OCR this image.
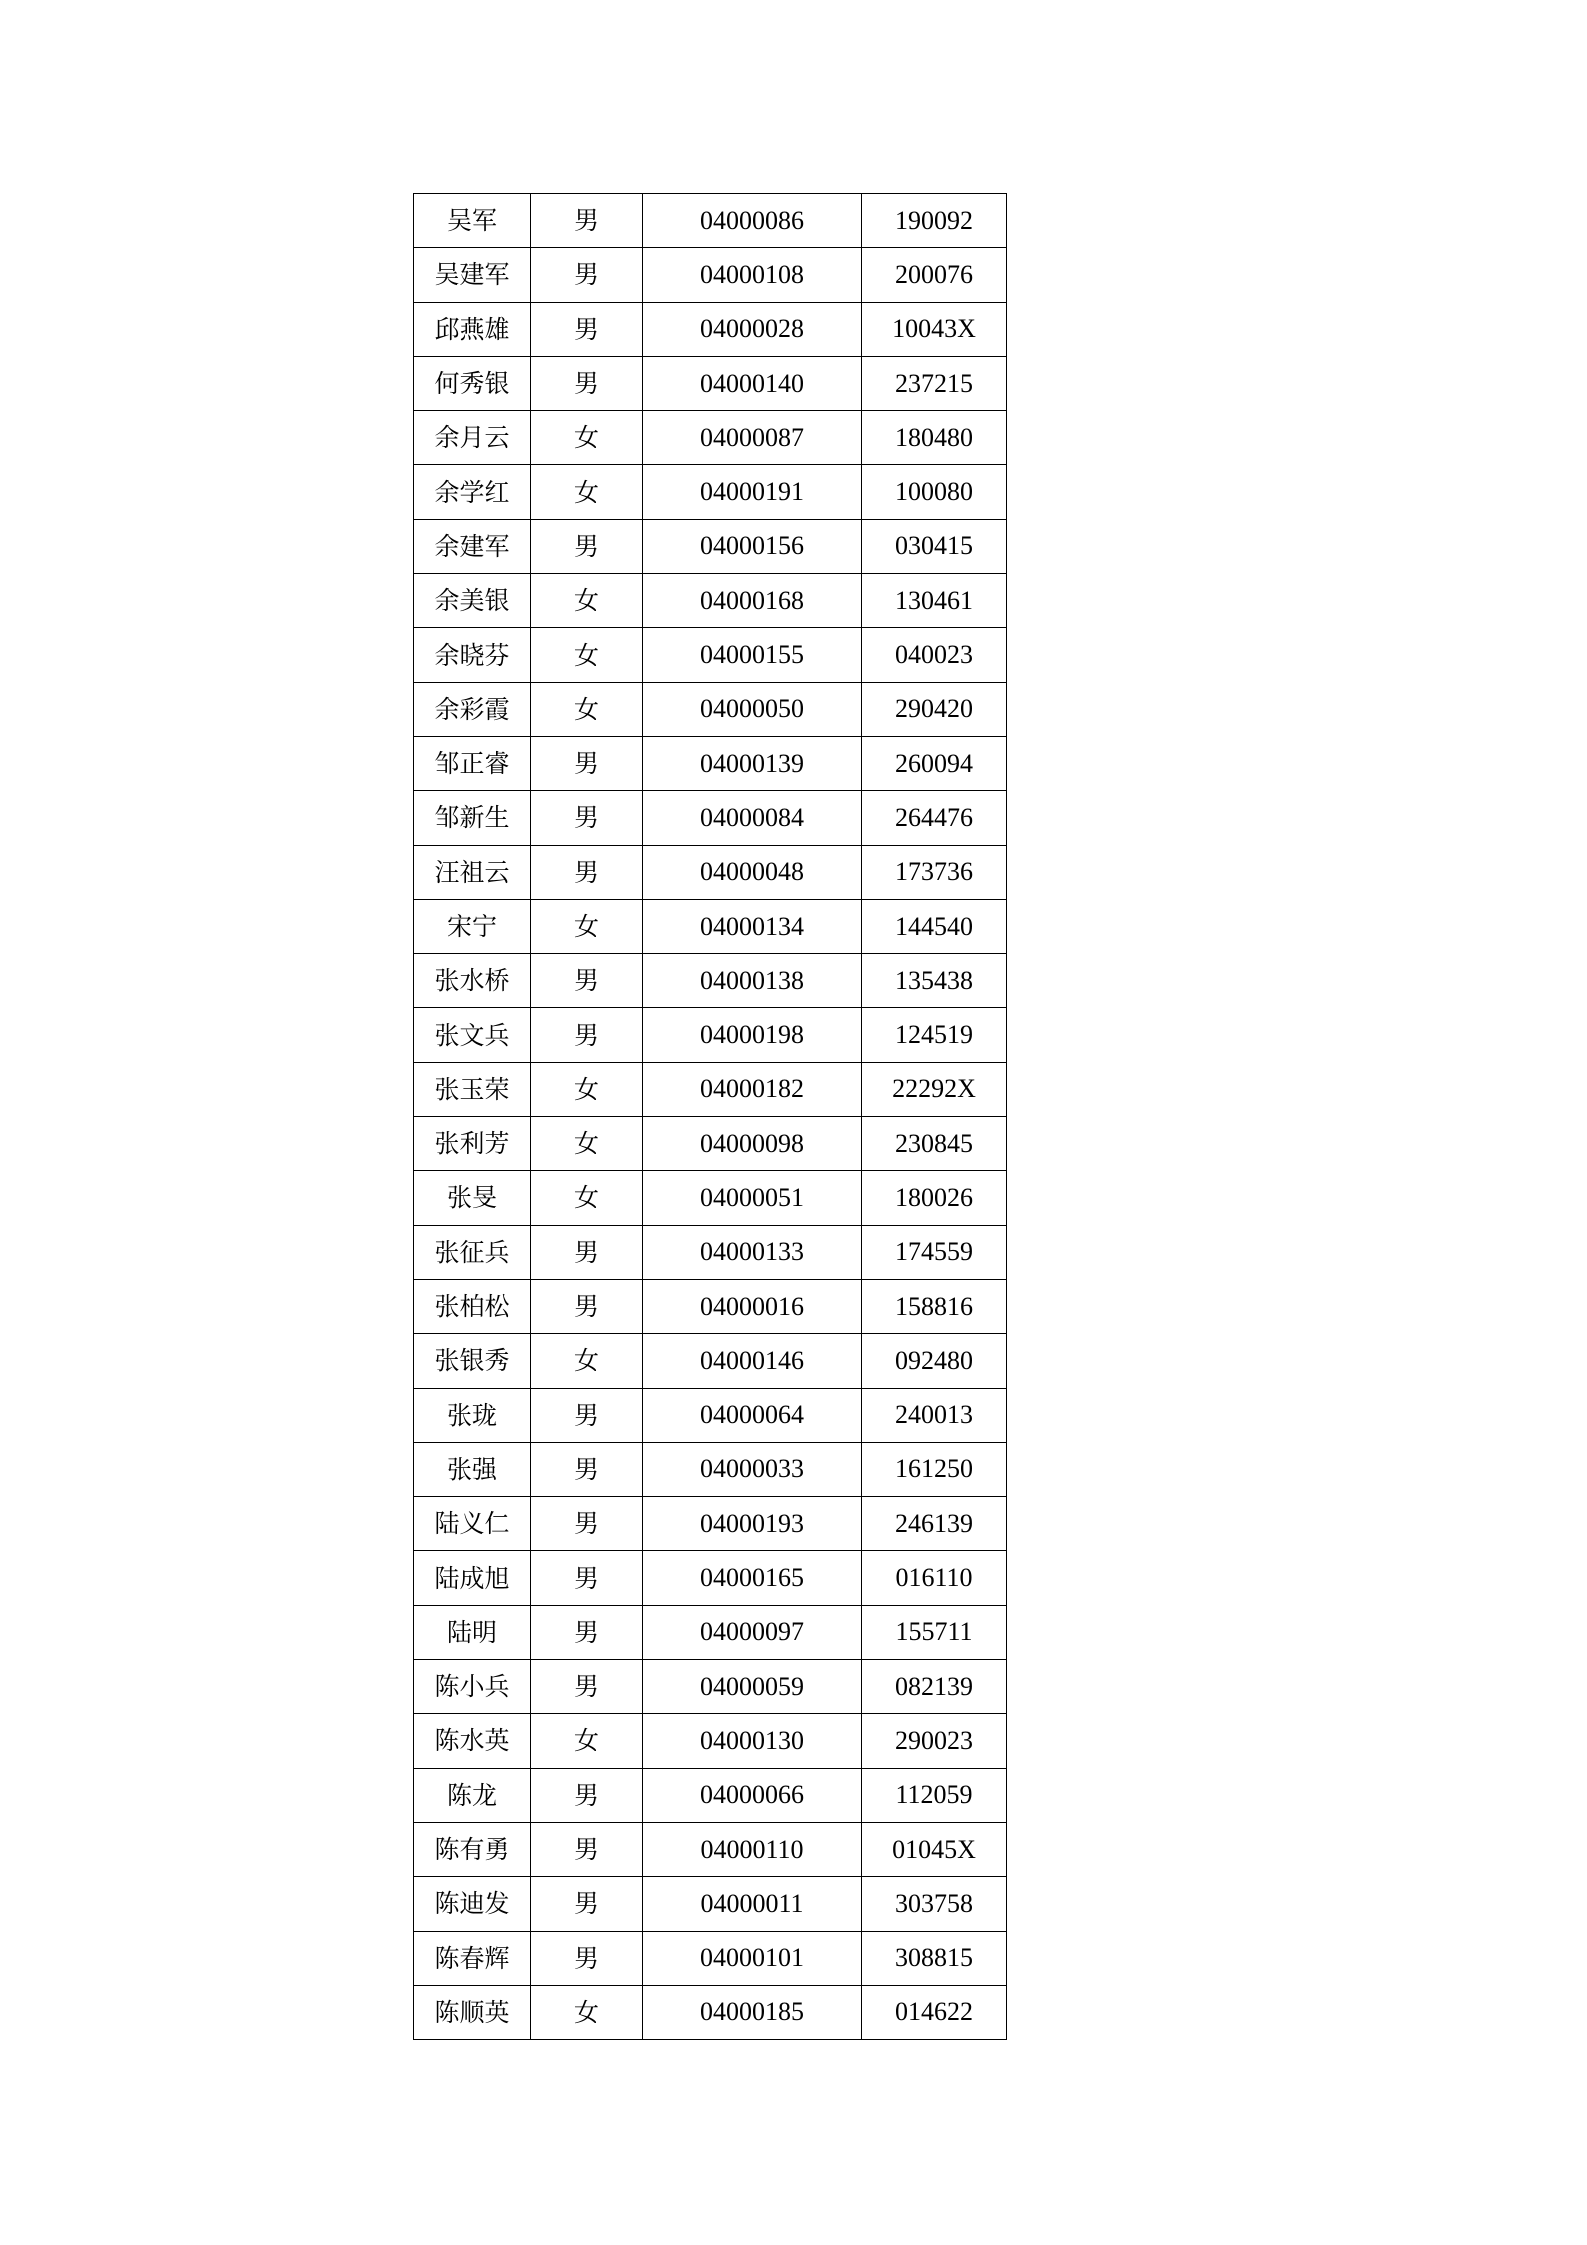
吴军	男	04000086	190092
吴建军	男	04000108	200076
邱燕雄	男	04000028	10043X
何秀银	男	04000140	237215
余月云	女	04000087	180480
余学红	女	04000191	100080
余建军	男	04000156	030415
余美银	女	04000168	130461
余晓芬	女	04000155	040023
余彩霞	女	04000050	290420
邹正睿	男	04000139	260094
邹新生	男	04000084	264476
汪祖云	男	04000048	173736
宋宁	女	04000134	144540
张水桥	男	04000138	135438
张文兵	男	04000198	124519
张玉荣	女	04000182	22292X
张利芳	女	04000098	230845
张旻	女	04000051	180026
张征兵	男	04000133	174559
张柏松	男	04000016	158816
张银秀	女	04000146	092480
张珑	男	04000064	240013
张强	男	04000033	161250
陆义仁	男	04000193	246139
陆成旭	男	04000165	016110
陆明	男	04000097	155711
陈小兵	男	04000059	082139
陈水英	女	04000130	290023
陈龙	男	04000066	112059
陈有勇	男	04000110	01045X
陈迪发	男	04000011	303758
陈春辉	男	04000101	308815
陈顺英	女	04000185	014622
